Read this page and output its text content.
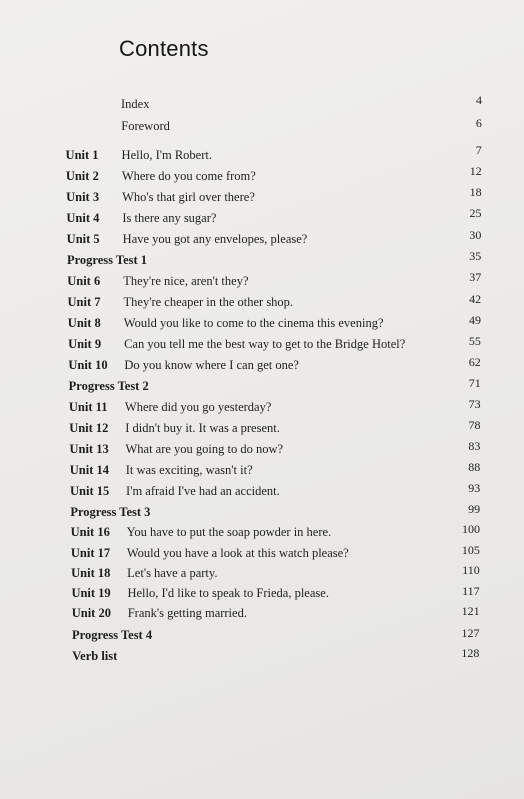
Contents
Index	4
Foreword	6
Unit 1 Hello, I'm Robert.	7
Unit 2 Where do you come from?	12
Unit 3 Who's that girl over there?	18
Unit 4 Is there any sugar?	25
Unit 5 Have you got any envelopes, please?	30
Progress Test 1	35
Unit 6 They're nice, aren't they?	37
Unit 7 They're cheaper in the other shop.	42
Unit 8 Would you like to come to the cinema this evening?	49
Unit 9 Can you tell me the best way to get to the Bridge Hotel?	55
Unit 10 Do you know where I can get one?	62
Progress Test 2	71
Unit 11 Where did you go yesterday?	73
Unit 12 I didn't buy it. It was a present.	78
Unit 13 What are you going to do now?	83
Unit 14 It was exciting, wasn't it?	88
Unit 15 I'm afraid I've had an accident.	93
Progress Test 3	99
Unit 16 You have to put the soap powder in here.	100
Unit 17 Would you have a look at this watch please?	105
Unit 18 Let's have a party.	110
Unit 19 Hello, I'd like to speak to Frieda, please.	117
Unit 20 Frank's getting married.	121
Progress Test 4	127
Verb list	128
